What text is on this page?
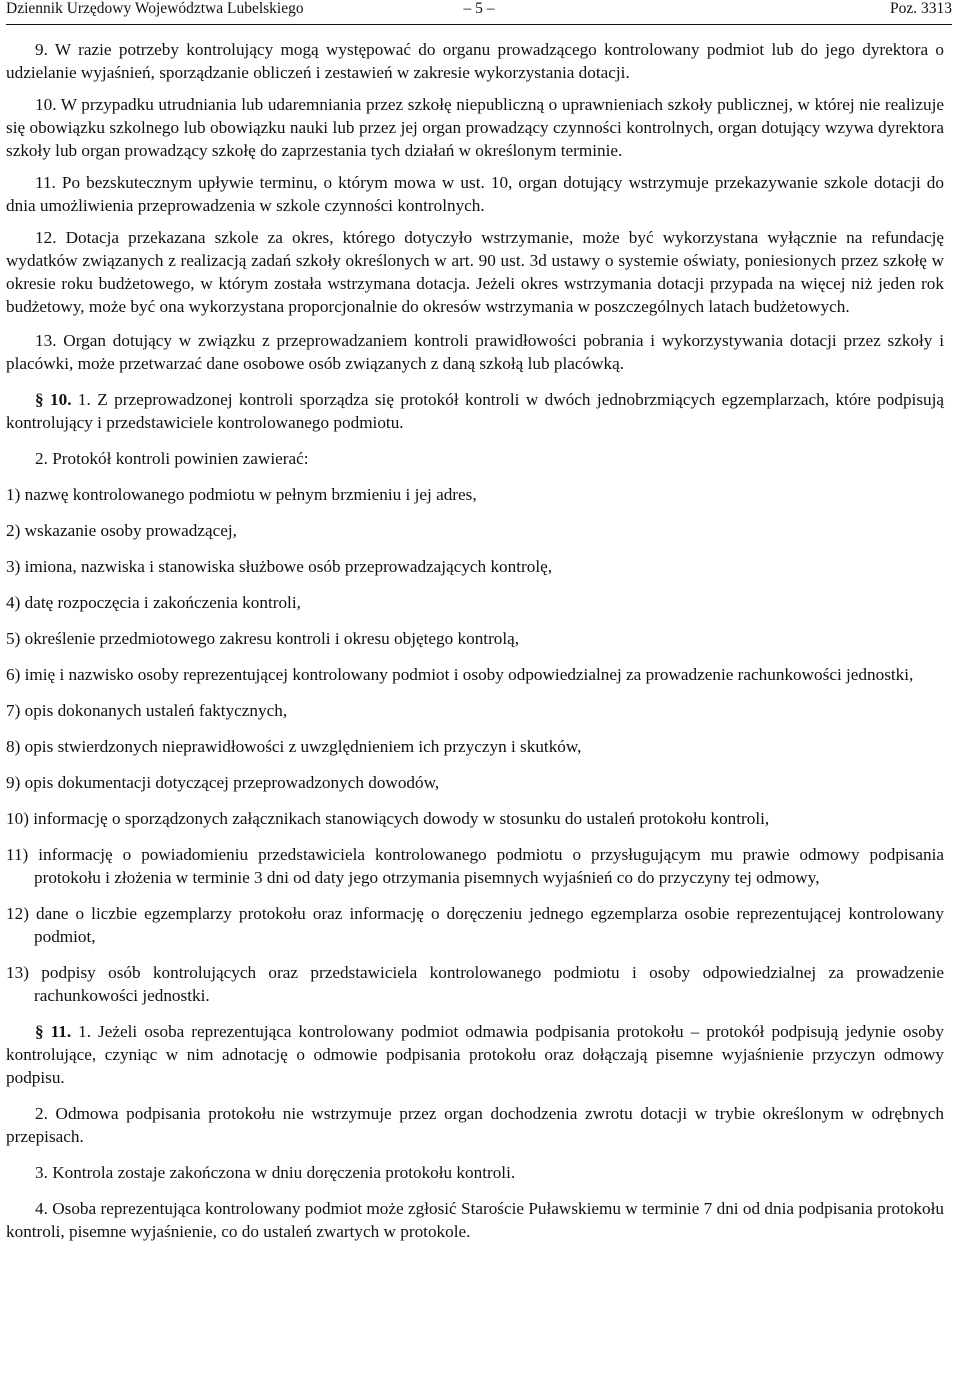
Dziennik Urzędowy Województwa Lubelskiego	– 5 –	Poz. 3313

9. W razie potrzeby kontrolujący mogą występować do organu prowadzącego kontrolowany podmiot lub do jego dyrektora o udzielanie wyjaśnień, sporządzanie obliczeń i zestawień w zakresie wykorzystania dotacji.

10. W przypadku utrudniania lub udaremniania przez szkołę niepubliczną o uprawnieniach szkoły publicznej, w której nie realizuje się obowiązku szkolnego lub obowiązku nauki lub przez jej organ prowadzący czynności kontrolnych, organ dotujący wzywa dyrektora szkoły lub organ prowadzący szkołę do zaprzestania tych działań w określonym terminie.

11. Po bezskutecznym upływie terminu, o którym mowa w ust. 10, organ dotujący wstrzymuje przekazywanie szkole dotacji do dnia umożliwienia przeprowadzenia w szkole czynności kontrolnych.

12. Dotacja przekazana szkole za okres, którego dotyczyło wstrzymanie, może być wykorzystana wyłącznie na refundację wydatków związanych z realizacją zadań szkoły określonych w art. 90 ust. 3d ustawy o systemie oświaty, poniesionych przez szkołę w okresie roku budżetowego, w którym została wstrzymana dotacja. Jeżeli okres wstrzymania dotacji przypada na więcej niż jeden rok budżetowy, może być ona wykorzystana proporcjonalnie do okresów wstrzymania w poszczególnych latach budżetowych.

13. Organ dotujący w związku z przeprowadzaniem kontroli prawidłowości pobrania i wykorzystywania dotacji przez szkoły i placówki, może przetwarzać dane osobowe osób związanych z daną szkołą lub placówką.

§ 10. 1. Z przeprowadzonej kontroli sporządza się protokół kontroli w dwóch jednobrzmiących egzemplarzach, które podpisują kontrolujący i przedstawiciele kontrolowanego podmiotu.

2. Protokół kontroli powinien zawierać:

1) nazwę kontrolowanego podmiotu w pełnym brzmieniu i jej adres,

2) wskazanie osoby prowadzącej,

3) imiona, nazwiska i stanowiska służbowe osób przeprowadzających kontrolę,

4) datę rozpoczęcia i zakończenia kontroli,

5) określenie przedmiotowego zakresu kontroli i okresu objętego kontrolą,

6) imię i nazwisko osoby reprezentującej kontrolowany podmiot i osoby odpowiedzialnej za prowadzenie rachunkowości jednostki,

7) opis dokonanych ustaleń faktycznych,

8) opis stwierdzonych nieprawidłowości z uwzględnieniem ich przyczyn i skutków,

9) opis dokumentacji dotyczącej przeprowadzonych dowodów,

10) informację o sporządzonych załącznikach stanowiących dowody w stosunku do ustaleń protokołu kontroli,

11) informację o powiadomieniu przedstawiciela kontrolowanego podmiotu o przysługującym mu prawie odmowy podpisania protokołu i złożenia w terminie 3 dni od daty jego otrzymania pisemnych wyjaśnień co do przyczyny tej odmowy,

12) dane o liczbie egzemplarzy protokołu oraz informację o doręczeniu jednego egzemplarza osobie reprezentującej kontrolowany podmiot,

13) podpisy osób kontrolujących oraz przedstawiciela kontrolowanego podmiotu i osoby odpowiedzialnej za prowadzenie rachunkowości jednostki.

§ 11. 1. Jeżeli osoba reprezentująca kontrolowany podmiot odmawia podpisania protokołu – protokół podpisują jedynie osoby kontrolujące, czyniąc w nim adnotację o odmowie podpisania protokołu oraz dołączają pisemne wyjaśnienie przyczyn odmowy podpisu.

2. Odmowa podpisania protokołu nie wstrzymuje przez organ dochodzenia zwrotu dotacji w trybie określonym w odrębnych przepisach.

3. Kontrola zostaje zakończona w dniu doręczenia protokołu kontroli.

4. Osoba reprezentująca kontrolowany podmiot może zgłosić Staroście Puławskiemu w terminie 7 dni od dnia podpisania protokołu kontroli, pisemne wyjaśnienie, co do ustaleń zwartych w protokole.
